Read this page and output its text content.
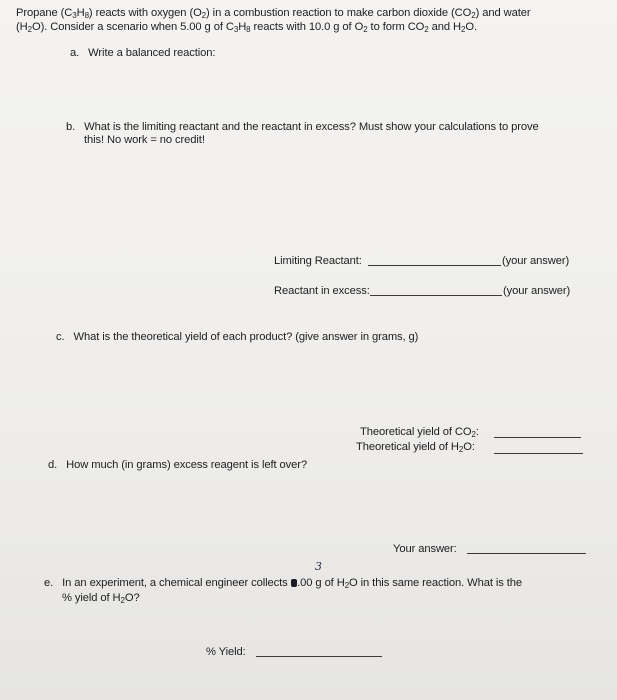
Propane $(C_3H_8)$ reacts with oxygen $(O_2)$ in a combustion reaction to make carbon dioxide $(CO_2)$ and water
$(H_2O)$. Consider a scenario when 5.00 g of $C_3H_8$ reacts with 10.0 g of $O_2$ to form $CO_2$ and $H_2O$.
a. Write a balanced reaction:
b. What is the limiting reactant and the reactant in excess? Must show your calculations to prove
this! No work = no credit!
Limiting Reactant:	(your answer)
Reactant in excess:	(your answer)
c. What is the theoretical yield of each product? (give answer in grams, g)
Theoretical yield of $CO_2$:
Theoretical yield of $H_2O$:
d. How much (in grams) excess reagent is left over?
Your answer:
3
e. In an experiment, a chemical engineer collects .00 g of $H_2O$ in this same reaction. What is the
% yield of $H_2O$?
% Yield:
